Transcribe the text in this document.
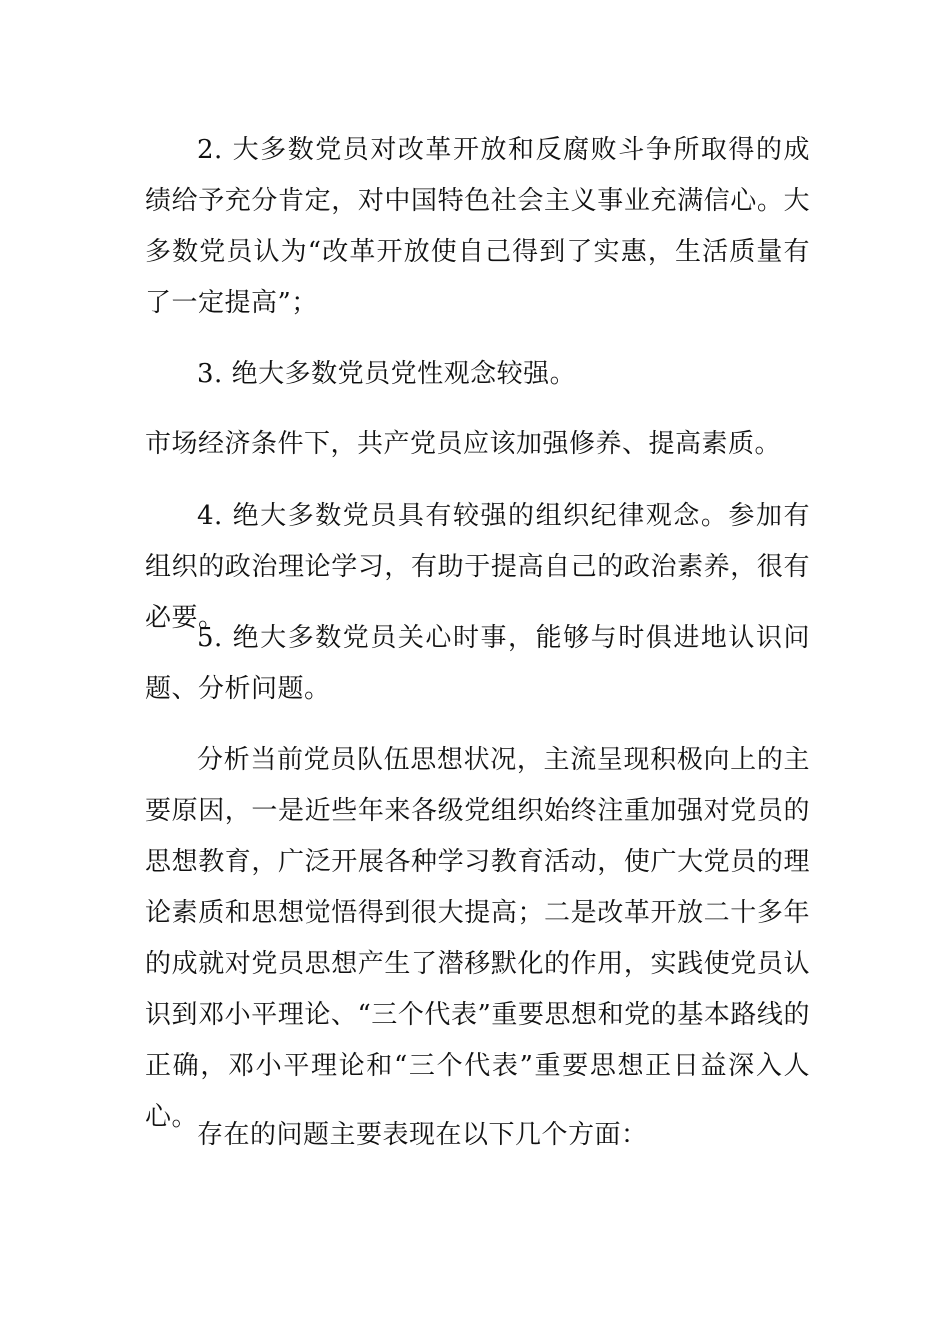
2. 大多数党员对改革开放和反腐败斗争所取得的成绩给予充分肯定，对中国特色社会主义事业充满信心。大多数党员认为“改革开放使自己得到了实惠，生活质量有了一定提高”；

3. 绝大多数党员党性观念较强。

市场经济条件下，共产党员应该加强修养、提高素质。

4. 绝大多数党员具有较强的组织纪律观念。参加有组织的政治理论学习，有助于提高自己的政治素养，很有必要。

5. 绝大多数党员关心时事，能够与时俱进地认识问题、分析问题。

分析当前党员队伍思想状况，主流呈现积极向上的主要原因，一是近些年来各级党组织始终注重加强对党员的思想教育，广泛开展各种学习教育活动，使广大党员的理论素质和思想觉悟得到很大提高；二是改革开放二十多年的成就对党员思想产生了潜移默化的作用，实践使党员认识到邓小平理论、“三个代表”重要思想和党的基本路线的正确，邓小平理论和“三个代表”重要思想正日益深入人心。

存在的问题主要表现在以下几个方面：
